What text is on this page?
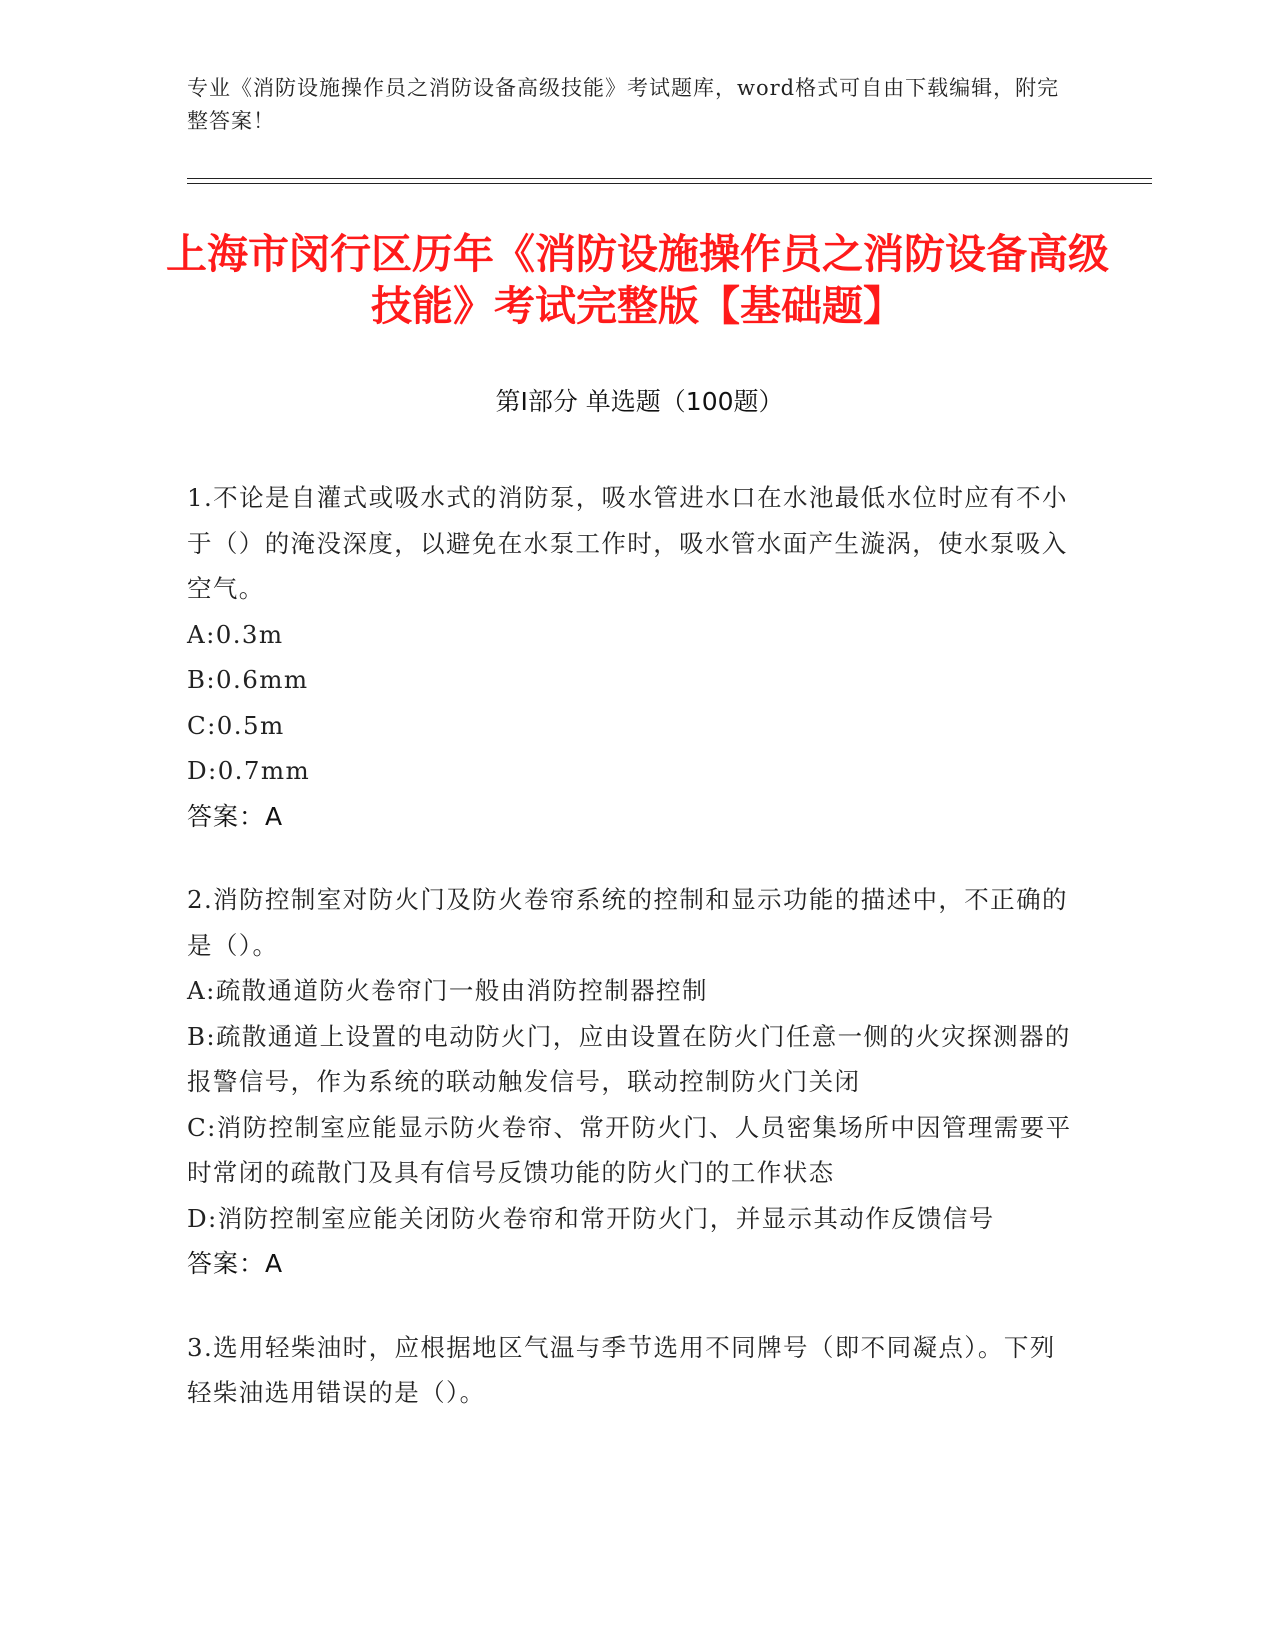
专业《消防设施操作员之消防设备高级技能》考试题库，word格式可自由下载编辑，附完整答案！
上海市闵行区历年《消防设施操作员之消防设备高级技能》考试完整版【基础题】
第Ⅰ部分 单选题（100题）
1.不论是自灌式或吸水式的消防泵，吸水管进水口在水池最低水位时应有不小于（）的淹没深度，以避免在水泵工作时，吸水管水面产生漩涡，使水泵吸入空气。
A:0.3m
B:0.6mm
C:0.5m
D:0.7mm
答案：A
2.消防控制室对防火门及防火卷帘系统的控制和显示功能的描述中，不正确的是（）。
A:疏散通道防火卷帘门一般由消防控制器控制
B:疏散通道上设置的电动防火门，应由设置在防火门任意一侧的火灾探测器的报警信号，作为系统的联动触发信号，联动控制防火门关闭
C:消防控制室应能显示防火卷帘、常开防火门、人员密集场所中因管理需要平时常闭的疏散门及具有信号反馈功能的防火门的工作状态
D:消防控制室应能关闭防火卷帘和常开防火门，并显示其动作反馈信号
答案：A
3.选用轻柴油时，应根据地区气温与季节选用不同牌号（即不同凝点）。下列轻柴油选用错误的是（）。
